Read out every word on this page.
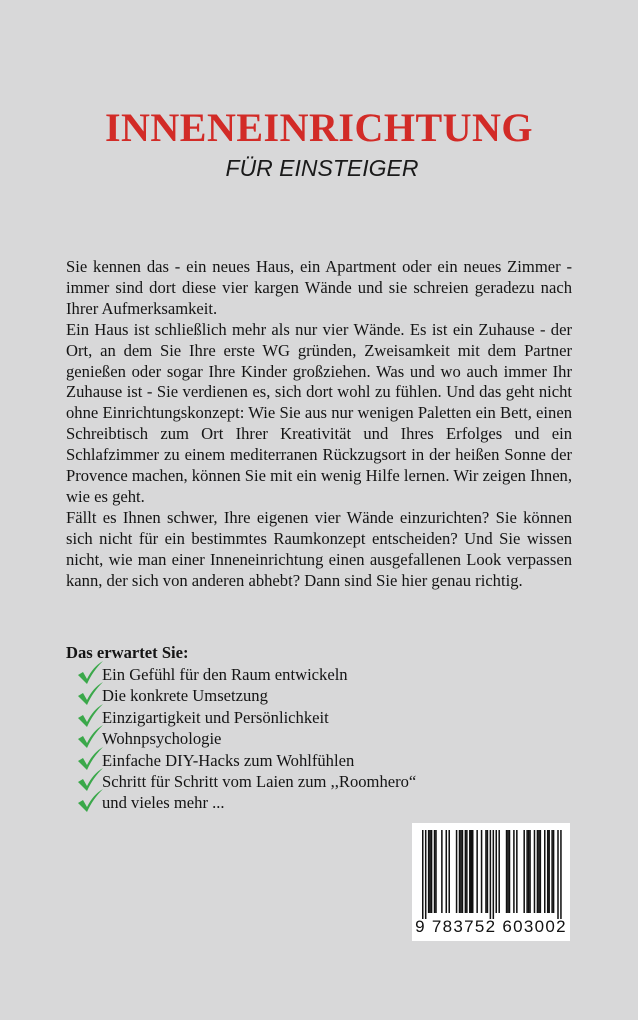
INNENEINRICHTUNG
FÜR EINSTEIGER

Sie kennen das - ein neues Haus, ein Apartment oder ein neues Zimmer - immer sind dort diese vier kargen Wände und sie schreien geradezu nach Ihrer Aufmerksamkeit.

Ein Haus ist schließlich mehr als nur vier Wände. Es ist ein Zuhause - der Ort, an dem Sie Ihre erste WG gründen, Zweisamkeit mit dem Partner genießen oder sogar Ihre Kinder großziehen. Was und wo auch immer Ihr Zuhause ist - Sie verdienen es, sich dort wohl zu fühlen. Und das geht nicht ohne Einrichtungskonzept: Wie Sie aus nur wenigen Paletten ein Bett, einen Schreibtisch zum Ort Ihrer Kreativität und Ihres Erfolges und ein Schlafzimmer zu einem mediterranen Rückzugsort in der heißen Sonne der Provence machen, können Sie mit ein wenig Hilfe lernen. Wir zeigen Ihnen, wie es geht.

Fällt es Ihnen schwer, Ihre eigenen vier Wände einzurichten? Sie können sich nicht für ein bestimmtes Raumkonzept entscheiden? Und Sie wissen nicht, wie man einer Inneneinrichtung einen ausgefallenen Look verpassen kann, der sich von anderen abhebt? Dann sind Sie hier genau richtig.

Das erwartet Sie:
Ein Gefühl für den Raum entwickeln
Die konkrete Umsetzung
Einzigartigkeit und Persönlichkeit
Wohnpsychologie
Einfache DIY-Hacks zum Wohlfühlen
Schritt für Schritt vom Laien zum ,,Roomhero“
und vieles mehr ...
9 783752 603002
